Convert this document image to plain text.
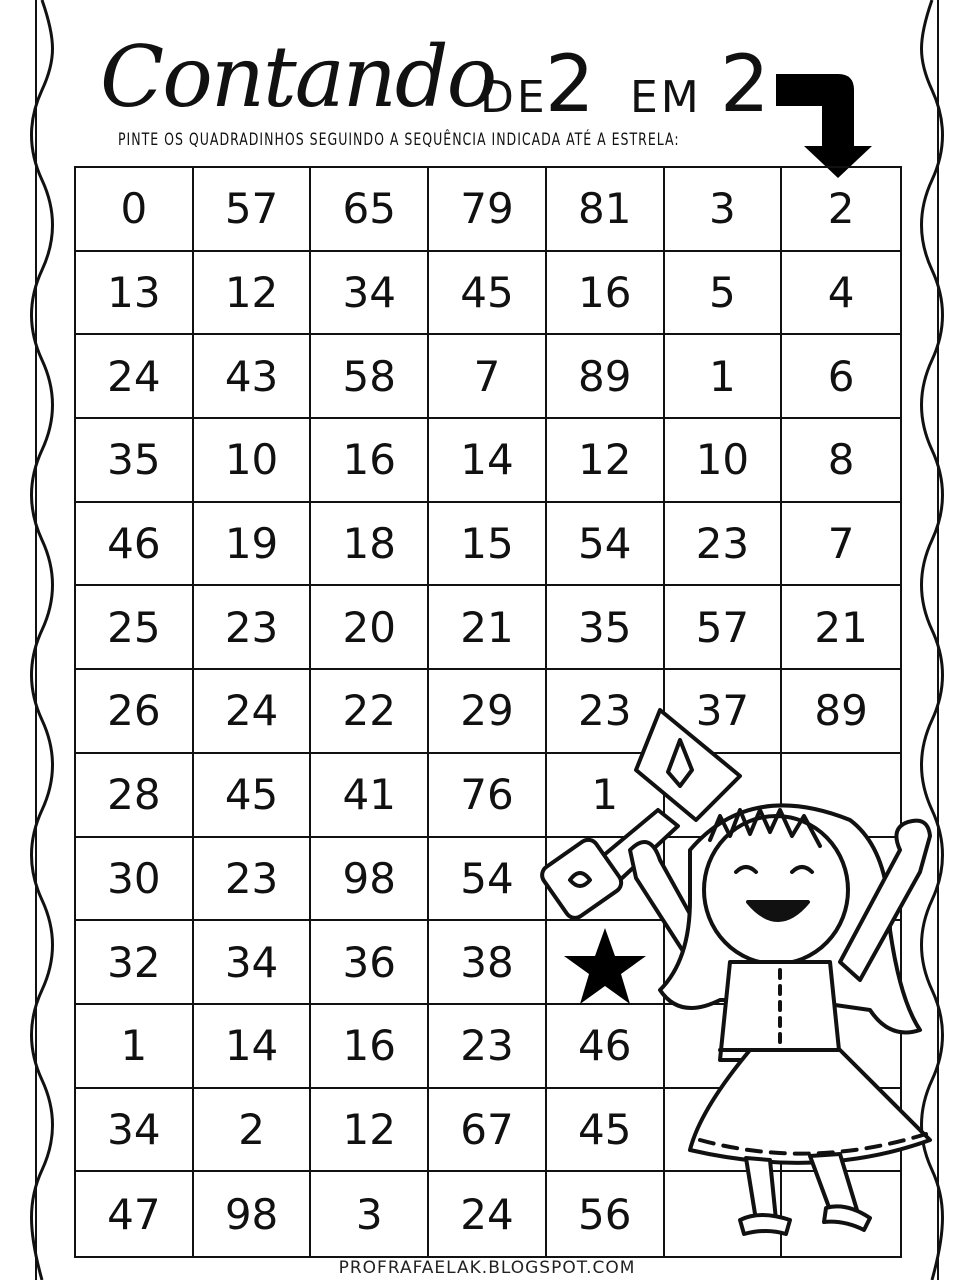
Contando
DE
2 EM 2
PINTE OS QUADRADINHOS SEGUINDO A SEQUÊNCIA INDICADA ATÉ A ESTRELA:
0	57	65	79	81	3	2
13	12	34	45	16	5	4
24	43	58	7	89	1	6
35	10	16	14	12	10	8
46	19	18	15	54	23	7
25	23	20	21	35	57	21
26	24	22	29	23	37	89
28	45	41	76	1
30	23	98	54
32	34	36	38
1	14	16	23	46
34	2	12	67	45
47	98	3	24	56
PROFRAFAELAK.BLOGSPOT.COM
